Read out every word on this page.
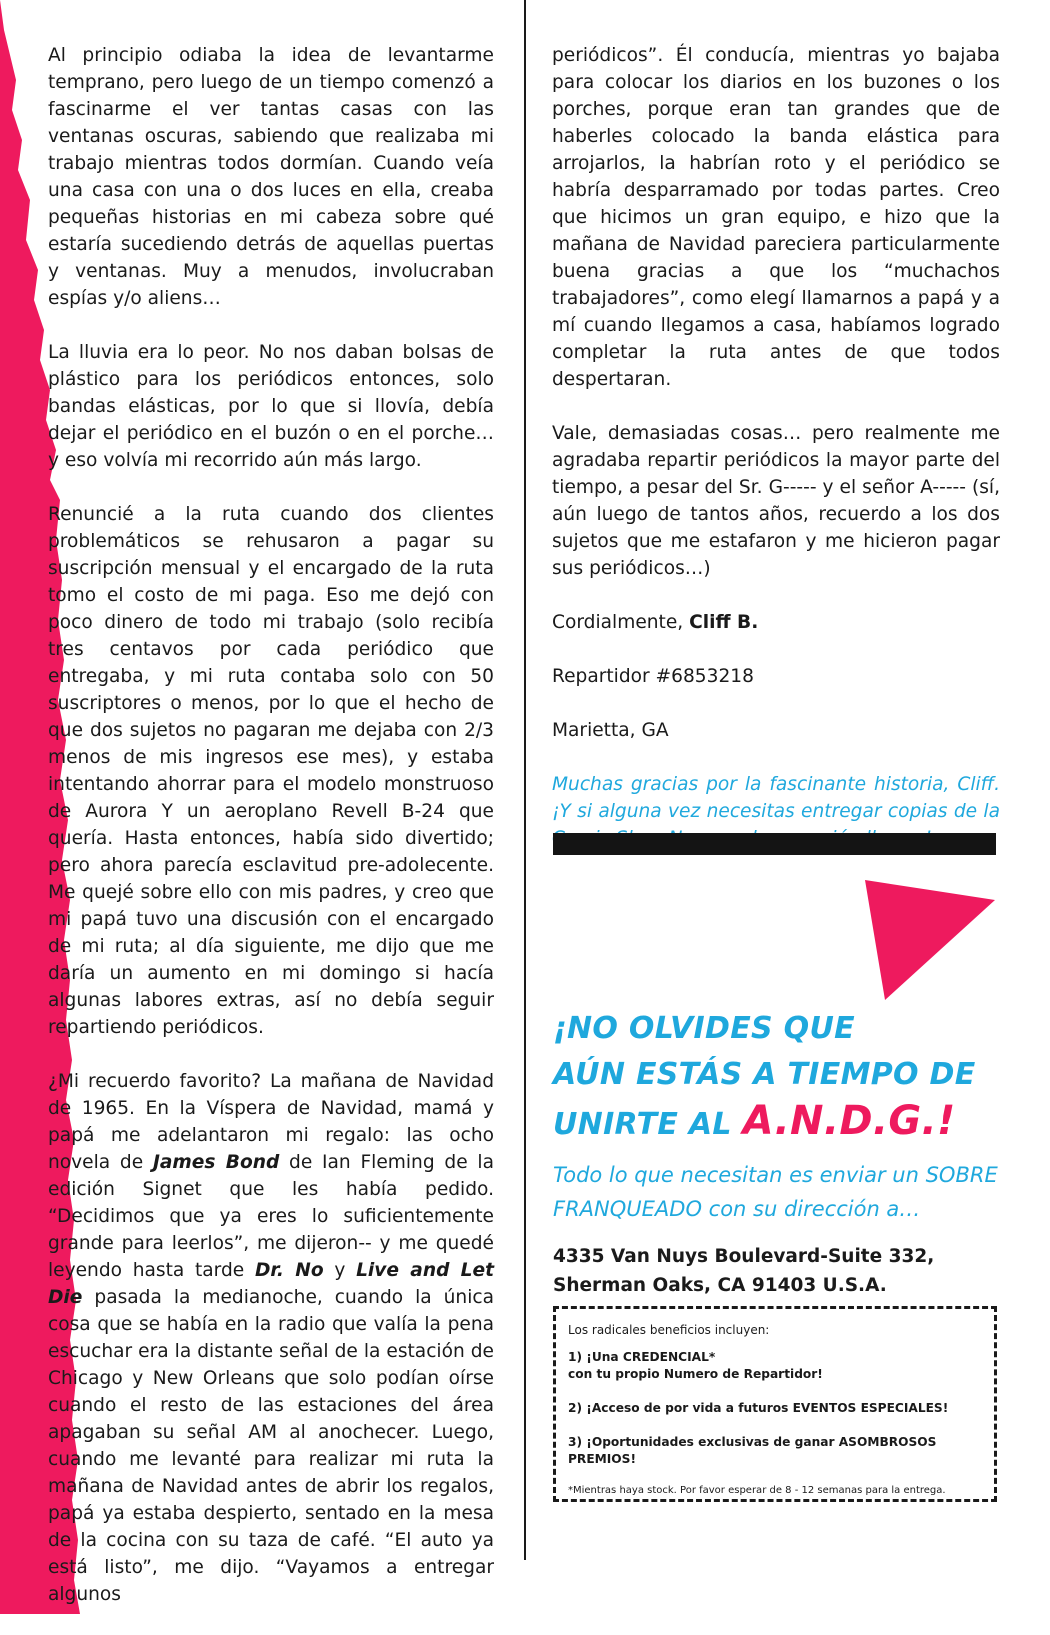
Al principio odiaba la idea de levantarme temprano, pero luego de un tiempo comenzó a fascinarme el ver tantas casas con las ventanas oscuras, sabiendo que realizaba mi trabajo mientras todos dormían. Cuando veía una casa con una o dos luces en ella, creaba pequeñas historias en mi cabeza sobre qué estaría sucediendo detrás de aquellas puertas y ventanas. Muy a menudos, involucraban espías y/o aliens…

La lluvia era lo peor. No nos daban bolsas de plástico para los periódicos entonces, solo bandas elásticas, por lo que si llovía, debía dejar el periódico en el buzón o en el porche… y eso volvía mi recorrido aún más largo.

Renuncié a la ruta cuando dos clientes problemáticos se rehusaron a pagar su suscripción mensual y el encargado de la ruta tomo el costo de mi paga. Eso me dejó con poco dinero de todo mi trabajo (solo recibía tres centavos por cada periódico que entregaba, y mi ruta contaba solo con 50 suscriptores o menos, por lo que el hecho de que dos sujetos no pagaran me dejaba con 2/3 menos de mis ingresos ese mes), y estaba intentando ahorrar para el modelo monstruoso de Aurora Y un aeroplano Revell B-24 que quería. Hasta entonces, había sido divertido; pero ahora parecía esclavitud pre-adolecente. Me quejé sobre ello con mis padres, y creo que mi papá tuvo una discusión con el encargado de mi ruta; al día siguiente, me dijo que me daría un aumento en mi domingo si hacía algunas labores extras, así no debía seguir repartiendo periódicos.

¿Mi recuerdo favorito? La mañana de Navidad de 1965. En la Víspera de Navidad, mamá y papá me adelantaron mi regalo: las ocho novela de James Bond de Ian Fleming de la edición Signet que les había pedido. “Decidimos que ya eres lo suficientemente grande para leerlos”, me dijeron-- y me quedé leyendo hasta tarde Dr. No y Live and Let Die pasada la medianoche, cuando la única cosa que se había en la radio que valía la pena escuchar era la distante señal de la estación de Chicago y New Orleans que solo podían oírse cuando el resto de las estaciones del área apagaban su señal AM al anochecer. Luego, cuando me levanté para realizar mi ruta la mañana de Navidad antes de abrir los regalos, papá ya estaba despierto, sentado en la mesa de la cocina con su taza de café. “El auto ya está listo”, me dijo. “Vayamos a entregar algunos

periódicos”. Él conducía, mientras yo bajaba para colocar los diarios en los buzones o los porches, porque eran tan grandes que de haberles colocado la banda elástica para arrojarlos, la habrían roto y el periódico se habría desparramado por todas partes. Creo que hicimos un gran equipo, e hizo que la mañana de Navidad pareciera particularmente buena gracias a que los “muchachos trabajadores”, como elegí llamarnos a papá y a mí cuando llegamos a casa, habíamos logrado completar la ruta antes de que todos despertaran.

Vale, demasiadas cosas… pero realmente me agradaba repartir periódicos la mayor parte del tiempo, a pesar del Sr. G----- y el señor A----- (sí, aún luego de tantos años, recuerdo a los dos sujetos que me estafaron y me hicieron pagar sus periódicos…)

Cordialmente, Cliff B.

Repartidor #6853218

Marietta, GA

Muchas gracias por la fascinante historia, Cliff. ¡Y si alguna vez necesitas entregar copias de la

¡NO OLVIDES QUE
AÚN ESTÁS A TIEMPO DE
UNIRTE AL A.N.D.G.!
Todo lo que necesitan es enviar un SOBRE FRANQUEADO con su dirección a…
4335 Van Nuys Boulevard-Suite 332,
Sherman Oaks, CA 91403 U.S.A.
Los radicales beneficios incluyen:
1) ¡Una CREDENCIAL*
con tu propio Numero de Repartidor!
2) ¡Acceso de por vida a futuros EVENTOS ESPECIALES!
3) ¡Oportunidades exclusivas de ganar ASOMBROSOS PREMIOS!
*Mientras haya stock. Por favor esperar de 8 - 12 semanas para la entrega.
